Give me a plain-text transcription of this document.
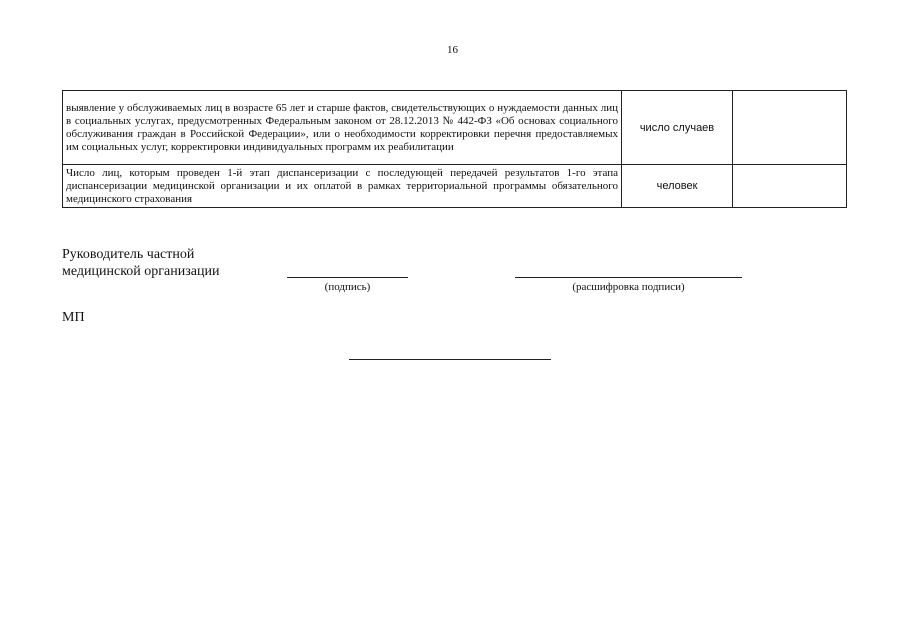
16
выявление у обслуживаемых лиц в возрасте 65 лет и старше фактов, свидетельствующих о нуждаемости данных лиц в социальных услугах, предусмотренных Федеральным законом от 28.12.2013 № 442-ФЗ «Об основах социального обслуживания граждан в Российской Федерации», или о необходимости корректировки перечня предоставляемых им социальных услуг, корректировки индивидуальных программ их реабилитации	число случаев	
Число лиц, которым проведен 1-й этап диспансеризации с последующей передачей результатов 1-го этапа диспансеризации медицинской организации и их оплатой в рамках территориальной программы обязательного медицинского страхования	человек	
Руководитель частной
медицинской организации
(подпись)	(расшифровка подписи)
МП
